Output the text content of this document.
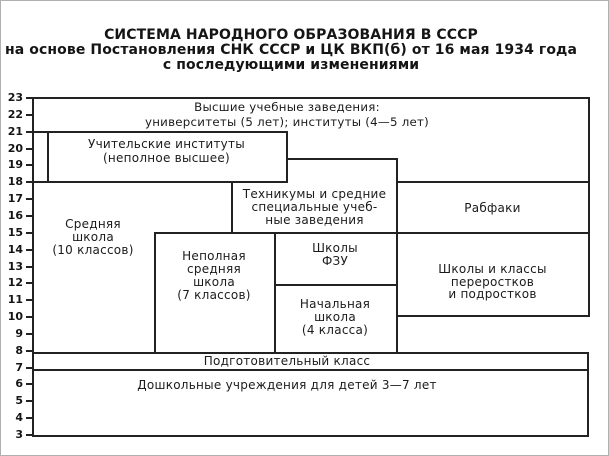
СИСТЕМА НАРОДНОГО ОБРАЗОВАНИЯ В СССР
на основе Постановления СНК СССР и ЦК ВКП(б) от 16 мая 1934 года
с последующими изменениями
23
22
21
20
19
18
17
16
15
14
13
12
11
10
9
8
7
6
5
4
3
Высшие учебные заведения:
университеты (5 лет); институты (4—5 лет)
Учительские институты
(неполное высшее)
Техникумы и средние
специальные учеб-
ные заведения
Рабфаки
Средняя
школа
(10 классов)	Неполная
средняя
школа
(7 классов)
Школы
ФЗУ
Начальная
школа
(4 класса)
Школы и классы
переростков
и подростков
Подготовительный класс
Дошкольные учреждения для детей 3—7 лет
